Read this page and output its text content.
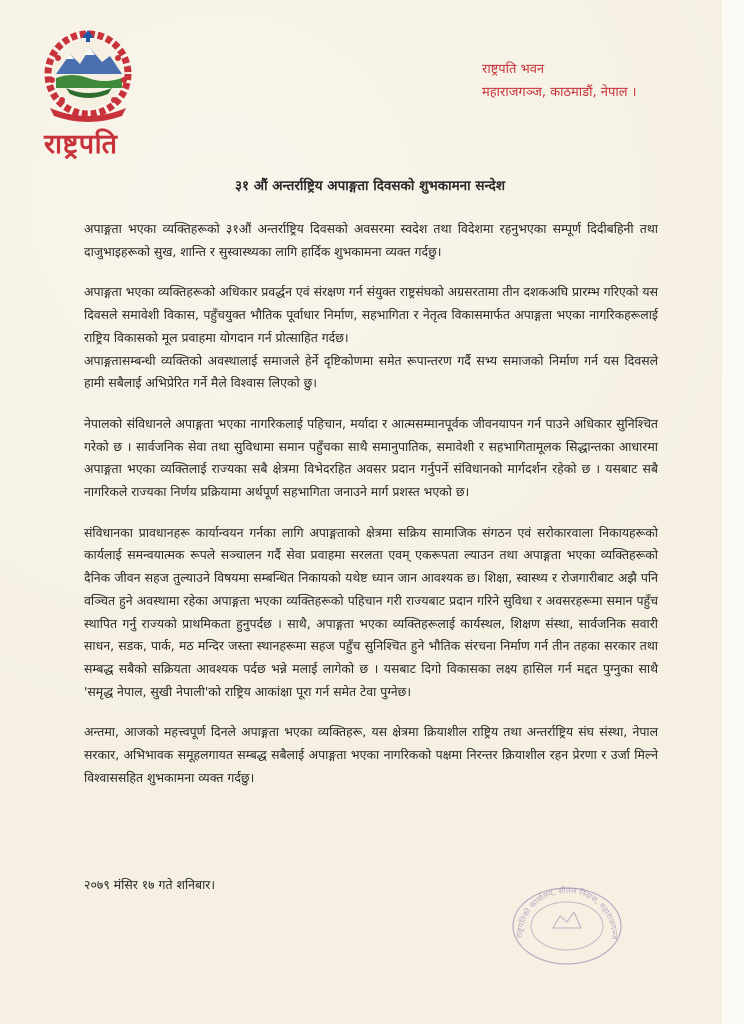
राष्ट्रपति
राष्ट्रपति भवन
महाराजगञ्ज, काठमाडौं, नेपाल ।
३१ औं अन्तर्राष्ट्रिय अपाङ्गता दिवसको शुभकामना सन्देश

अपाङ्गता भएका व्यक्तिहरूको ३१औं अन्तर्राष्ट्रिय दिवसको अवसरमा स्वदेश तथा विदेशमा रहनुभएका सम्पूर्ण दिदीबहिनी तथा दाजुभाइहरूको सुख, शान्ति र सुस्वास्थ्यका लागि हार्दिक शुभकामना व्यक्त गर्दछु।

अपाङ्गता भएका व्यक्तिहरूको अधिकार प्रवर्द्धन एवं संरक्षण गर्न संयुक्त राष्ट्रसंघको अग्रसरतामा तीन दशकअघि प्रारम्भ गरिएको यस दिवसले समावेशी विकास, पहुँचयुक्त भौतिक पूर्वाधार निर्माण, सहभागिता र नेतृत्व विकासमार्फत अपाङ्गता भएका नागरिकहरूलाई राष्ट्रिय विकासको मूल प्रवाहमा योगदान गर्न प्रोत्साहित गर्दछ।

अपाङ्गतासम्बन्धी व्यक्तिको अवस्थालाई समाजले हेर्ने दृष्टिकोणमा समेत रूपान्तरण गर्दै सभ्य समाजको निर्माण गर्न यस दिवसले हामी सबैलाई अभिप्रेरित गर्ने मैले विश्वास लिएको छु।

नेपालको संविधानले अपाङ्गता भएका नागरिकलाई पहिचान, मर्यादा र आत्मसम्मानपूर्वक जीवनयापन गर्न पाउने अधिकार सुनिश्चित गरेको छ । सार्वजनिक सेवा तथा सुविधामा समान पहुँचका साथै समानुपातिक, समावेशी र सहभागितामूलक सिद्धान्तका आधारमा अपाङ्गता भएका व्यक्तिलाई राज्यका सबै क्षेत्रमा विभेदरहित अवसर प्रदान गर्नुपर्ने संविधानको मार्गदर्शन रहेको छ । यसबाट सबै नागरिकले राज्यका निर्णय प्रक्रियामा अर्थपूर्ण सहभागिता जनाउने मार्ग प्रशस्त भएको छ।

संविधानका प्रावधानहरू कार्यान्वयन गर्नका लागि अपाङ्गताको क्षेत्रमा सक्रिय सामाजिक संगठन एवं सरोकारवाला निकायहरूको कार्यलाई समन्वयात्मक रूपले सञ्चालन गर्दै सेवा प्रवाहमा सरलता एवम् एकरूपता ल्याउन तथा अपाङ्गता भएका व्यक्तिहरूको दैनिक जीवन सहज तुल्याउने विषयमा सम्बन्धित निकायको यथेष्ट ध्यान जान आवश्यक छ। शिक्षा, स्वास्थ्य र रोजगारीबाट अझै पनि वञ्चित हुने अवस्थामा रहेका अपाङ्गता भएका व्यक्तिहरूको पहिचान गरी राज्यबाट प्रदान गरिने सुविधा र अवसरहरूमा समान पहुँच स्थापित गर्नु राज्यको प्राथमिकता हुनुपर्दछ । साथै, अपाङ्गता भएका व्यक्तिहरूलाई कार्यस्थल, शिक्षण संस्था, सार्वजनिक सवारी साधन, सडक, पार्क, मठ मन्दिर जस्ता स्थानहरूमा सहज पहुँच सुनिश्चित हुने भौतिक संरचना निर्माण गर्न तीन तहका सरकार तथा सम्बद्ध सबैको सक्रियता आवश्यक पर्दछ भन्ने मलाई लागेको छ । यसबाट दिगो विकासका लक्ष्य हासिल गर्न मद्दत पुग्नुका साथै 'समृद्ध नेपाल, सुखी नेपाली'को राष्ट्रिय आकांक्षा पूरा गर्न समेत टेवा पुग्नेछ।

अन्तमा, आजको महत्त्वपूर्ण दिनले अपाङ्गता भएका व्यक्तिहरू, यस क्षेत्रमा क्रियाशील राष्ट्रिय तथा अन्तर्राष्ट्रिय संघ संस्था, नेपाल सरकार, अभिभावक समूहलगायत सम्बद्ध सबैलाई अपाङ्गता भएका नागरिकको पक्षमा निरन्तर क्रियाशील रहन प्रेरणा र उर्जा मिल्ने विश्वाससहित शुभकामना व्यक्त गर्दछु।

२०७९ मंसिर १७ गते शनिबार।
राष्ट्रपतिको कार्यालय, शीतल निवास, महाराजगञ्ज
